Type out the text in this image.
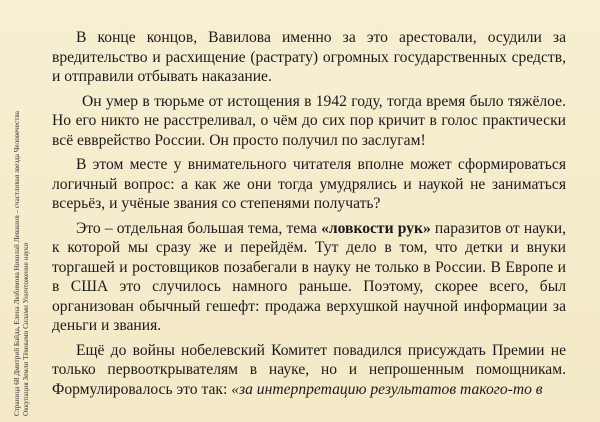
Страница 68 Дмитрий Байда, Елена Любимова Николай Левашов – счастливая звезда Человечества Оккупация Земли Тёмными Силами Уничтожение науки

В конце концов, Вавилова именно за это арестовали, осудили за вредительство и расхищение (растрату) огромных государственных средств, и отправили отбывать наказание.

Он умер в тюрьме от истощения в 1942 году, тогда время было тяжёлое. Но его никто не расстреливал, о чём до сих пор кричит в голос практически всё евврейство России. Он просто получил по заслугам!

В этом месте у внимательного читателя вполне может сформироваться логичный вопрос: а как же они тогда умудрялись и наукой не заниматься всерьёз, и учёные звания со степенями получать?

Это – отдельная большая тема, тема «ловкости рук» паразитов от науки, к которой мы сразу же и перейдём. Тут дело в том, что детки и внуки торгашей и ростовщиков позабегали в науку не только в России. В Европе и в США это случилось намного раньше. Поэтому, скорее всего, был организован обычный гешефт: продажа верхушкой научной информации за деньги и звания.

Ещё до войны нобелевский Комитет повадился присуждать Премии не только первооткрывателям в науке, но и непрошенным помощникам. Формулировалось это так: «за интерпретацию результатов такого-то в
